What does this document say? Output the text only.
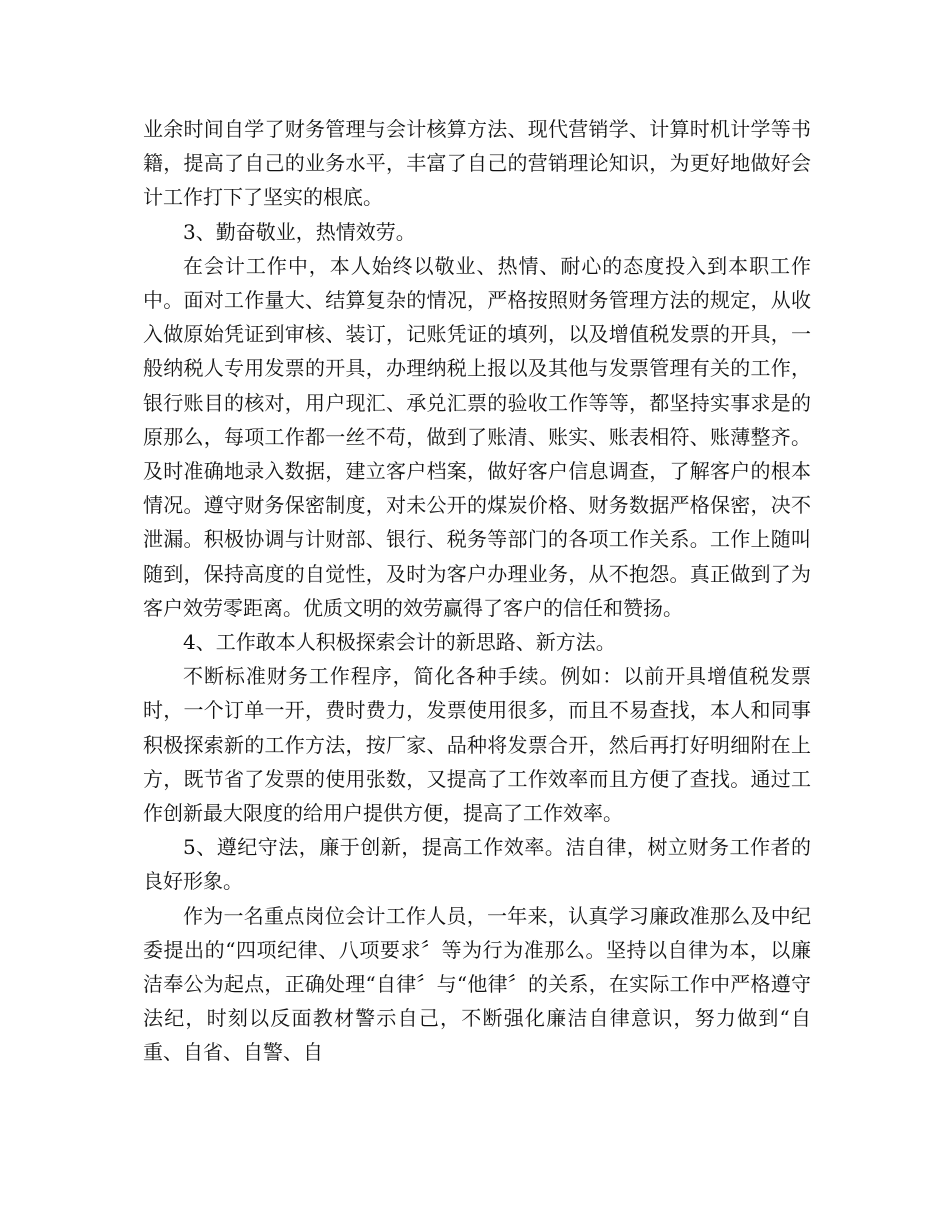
业余时间自学了财务管理与会计核算方法、现代营销学、计算时机计学等书籍，提高了自己的业务水平，丰富了自己的营销理论知识，为更好地做好会计工作打下了坚实的根底。

3、勤奋敬业，热情效劳。

在会计工作中，本人始终以敬业、热情、耐心的态度投入到本职工作中。面对工作量大、结算复杂的情况，严格按照财务管理方法的规定，从收入做原始凭证到审核、装订，记账凭证的填列，以及增值税发票的开具，一般纳税人专用发票的开具，办理纳税上报以及其他与发票管理有关的工作，银行账目的核对，用户现汇、承兑汇票的验收工作等等，都坚持实事求是的原那么，每项工作都一丝不苟，做到了账清、账实、账表相符、账薄整齐。及时准确地录入数据，建立客户档案，做好客户信息调查，了解客户的根本情况。遵守财务保密制度，对未公开的煤炭价格、财务数据严格保密，决不泄漏。积极协调与计财部、银行、税务等部门的各项工作关系。工作上随叫随到，保持高度的自觉性，及时为客户办理业务，从不抱怨。真正做到了为客户效劳零距离。优质文明的效劳赢得了客户的信任和赞扬。

4、工作敢本人积极探索会计的新思路、新方法。

不断标准财务工作程序，简化各种手续。例如：以前开具增值税发票时，一个订单一开，费时费力，发票使用很多，而且不易查找，本人和同事积极探索新的工作方法，按厂家、品种将发票合开，然后再打好明细附在上方，既节省了发票的使用张数，又提高了工作效率而且方便了查找。通过工作创新最大限度的给用户提供方便，提高了工作效率。

5、遵纪守法，廉于创新，提高工作效率。洁自律，树立财务工作者的良好形象。

作为一名重点岗位会计工作人员，一年来，认真学习廉政准那么及中纪委提出的“四项纪律、八项要求〞等为行为准那么。坚持以自律为本，以廉洁奉公为起点，正确处理“自律〞与“他律〞的关系，在实际工作中严格遵守法纪，时刻以反面教材警示自己，不断强化廉洁自律意识，努力做到“自重、自省、自警、自
